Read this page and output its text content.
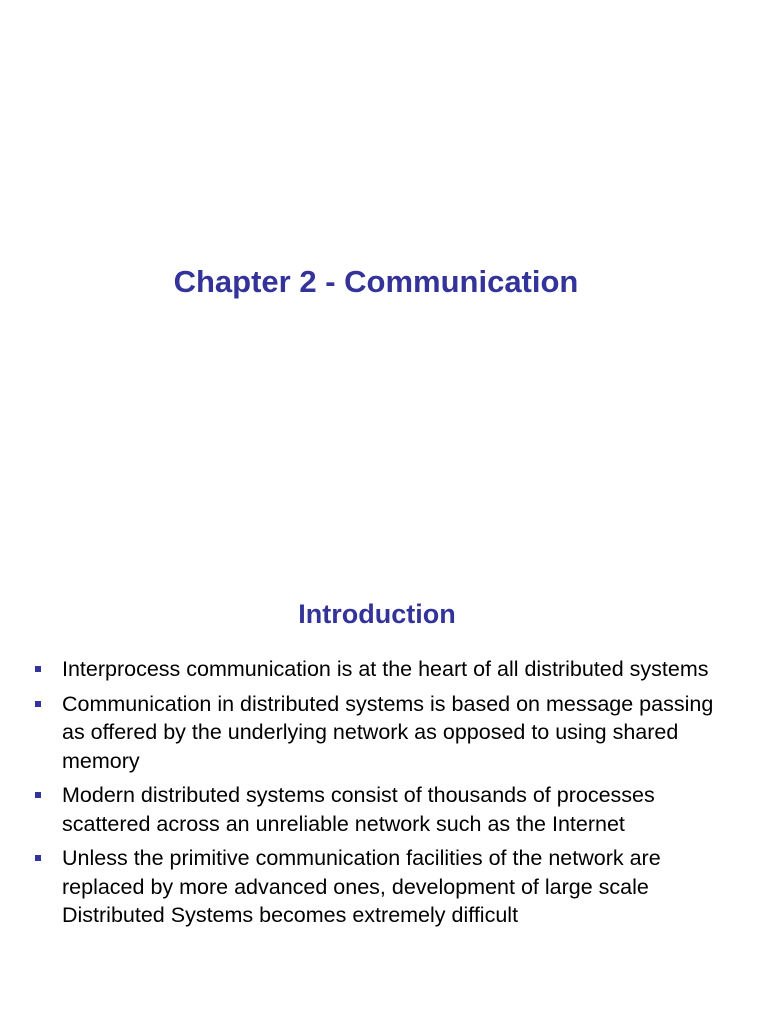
Chapter 2 - Communication
Introduction
Interprocess communication is at the heart of all distributed systems
Communication in distributed systems is based on message passing as offered by the underlying network as opposed to using shared memory
Modern distributed systems consist of thousands of processes scattered across an unreliable network such as the Internet
Unless the primitive communication facilities of the network are replaced by more advanced ones, development of large scale Distributed Systems becomes extremely difficult
